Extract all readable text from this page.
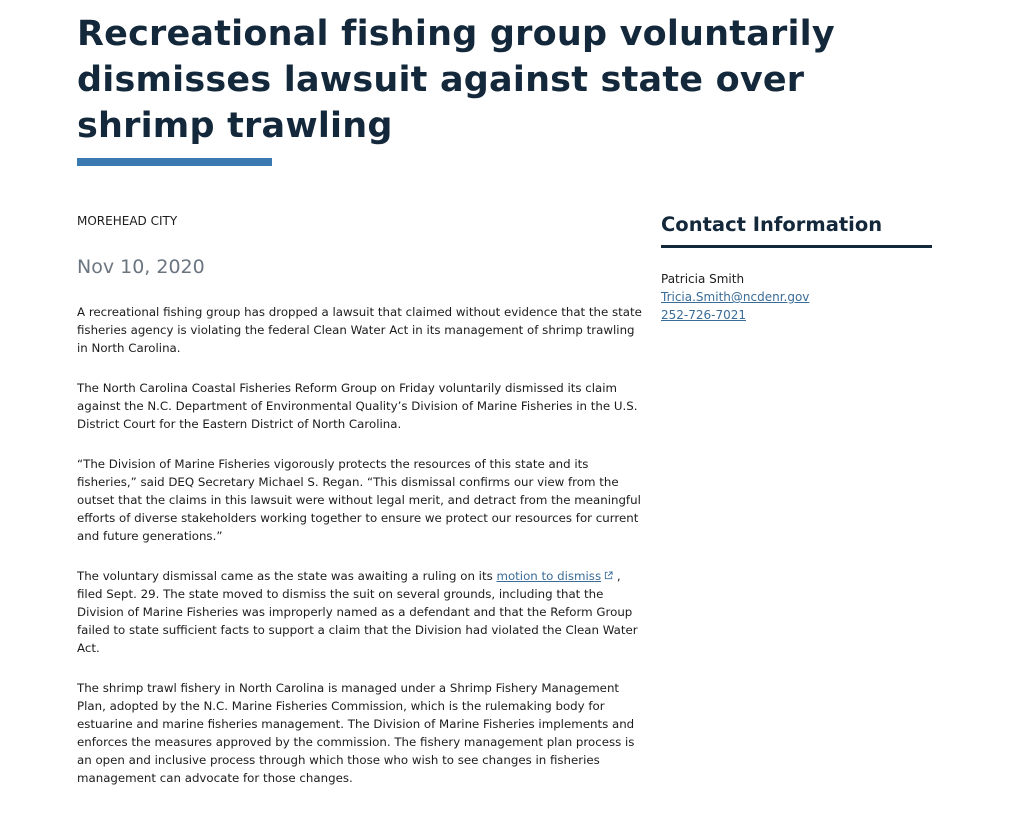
Recreational fishing group voluntarily dismisses lawsuit against state over shrimp trawling
MOREHEAD CITY
Nov 10, 2020

A recreational fishing group has dropped a lawsuit that claimed without evidence that the state fisheries agency is violating the federal Clean Water Act in its management of shrimp trawling in North Carolina.

The North Carolina Coastal Fisheries Reform Group on Friday voluntarily dismissed its claim against the N.C. Department of Environmental Quality’s Division of Marine Fisheries in the U.S. District Court for the Eastern District of North Carolina.

“The Division of Marine Fisheries vigorously protects the resources of this state and its fisheries,” said DEQ Secretary Michael S. Regan. “This dismissal confirms our view from the outset that the claims in this lawsuit were without legal merit, and detract from the meaningful efforts of diverse stakeholders working together to ensure we protect our resources for current and future generations.”

The voluntary dismissal came as the state was awaiting a ruling on its motion to dismiss , filed Sept. 29. The state moved to dismiss the suit on several grounds, including that the Division of Marine Fisheries was improperly named as a defendant and that the Reform Group failed to state sufficient facts to support a claim that the Division had violated the Clean Water Act.

The shrimp trawl fishery in North Carolina is managed under a Shrimp Fishery Management Plan, adopted by the N.C. Marine Fisheries Commission, which is the rulemaking body for estuarine and marine fisheries management. The Division of Marine Fisheries implements and enforces the measures approved by the commission. The fishery management plan process is an open and inclusive process through which those who wish to see changes in fisheries management can advocate for those changes.

Contact Information
Patricia Smith
Tricia.Smith@ncdenr.gov
252-726-7021
